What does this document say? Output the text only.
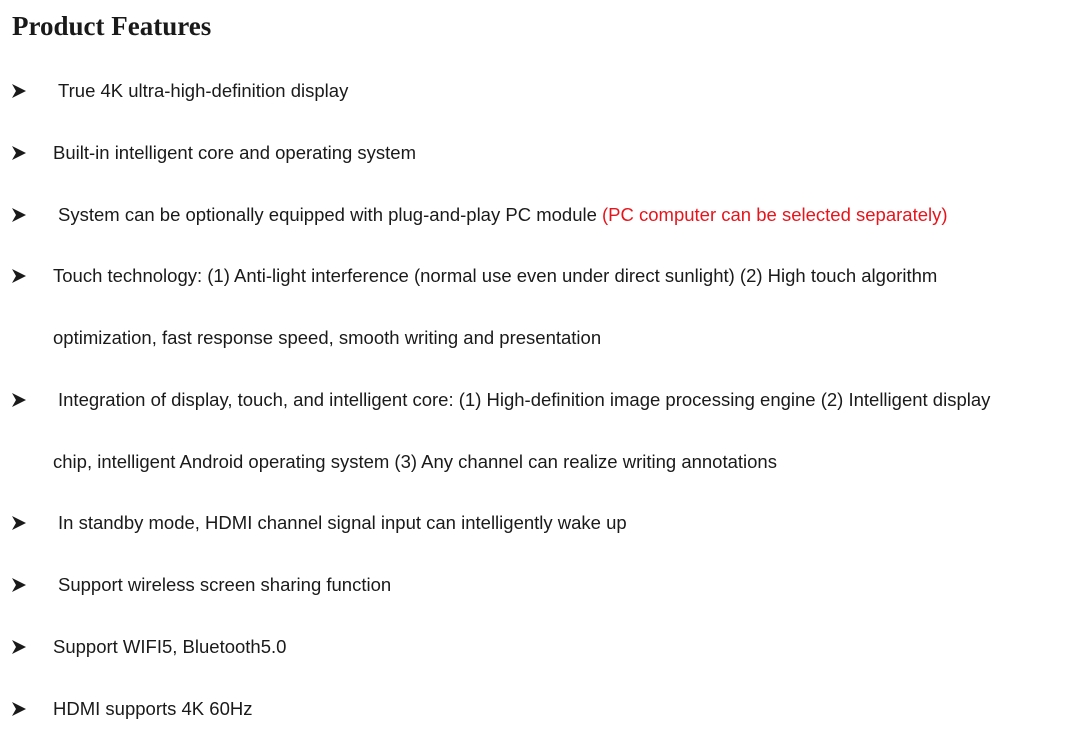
Product Features
True 4K ultra-high-definition display
Built-in intelligent core and operating system
System can be optionally equipped with plug-and-play PC module (PC computer can be selected separately)
Touch technology: (1) Anti-light interference (normal use even under direct sunlight) (2) High touch algorithm
optimization, fast response speed, smooth writing and presentation
Integration of display, touch, and intelligent core: (1) High-definition image processing engine (2) Intelligent display
chip, intelligent Android operating system (3) Any channel can realize writing annotations
In standby mode, HDMI channel signal input can intelligently wake up
Support wireless screen sharing function
Support WIFI5, Bluetooth5.0
HDMI supports 4K 60Hz
